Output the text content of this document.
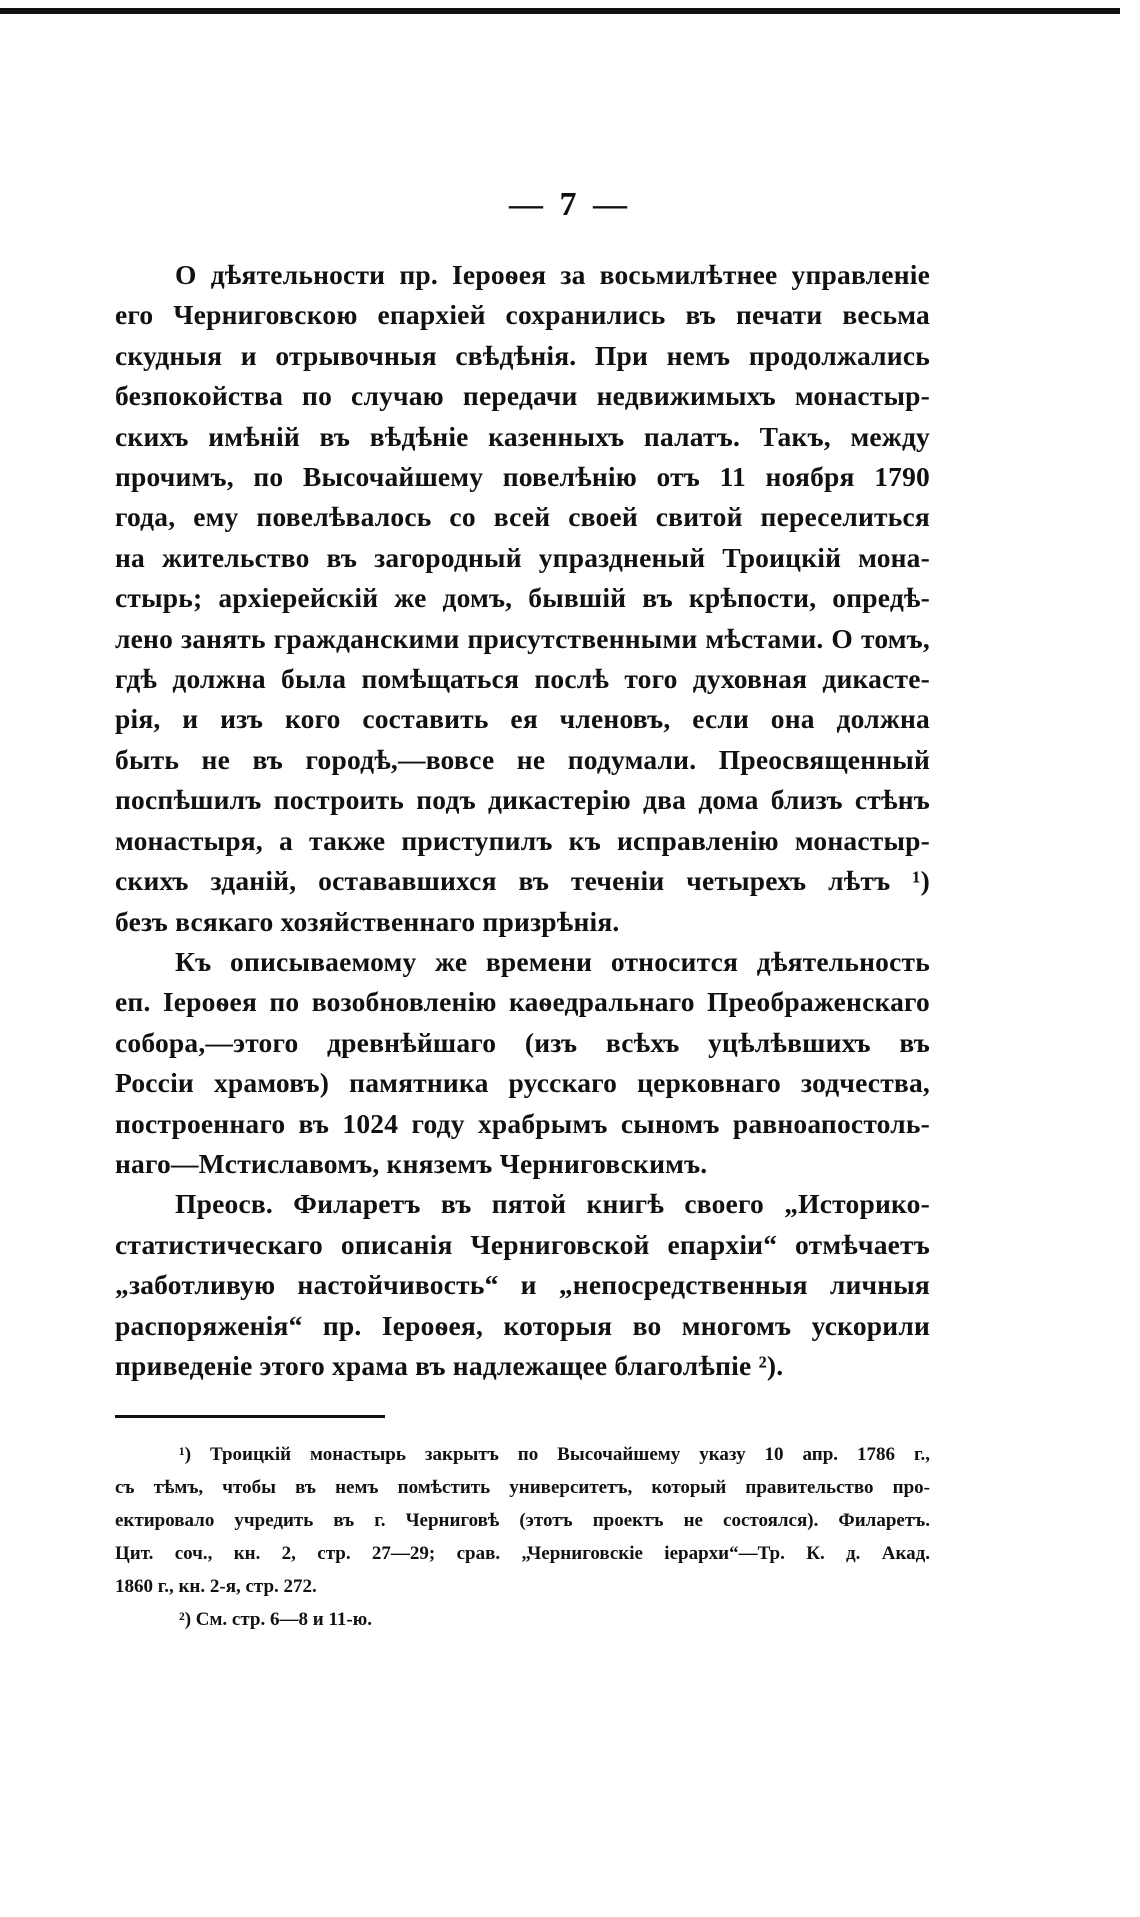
— 7 —

О дѣятельности пр. Іероѳея за восьмилѣтнее управленіе
его Черниговскою епархіей сохранились въ печати весьма
скудныя и отрывочныя свѣдѣнія. При немъ продолжались
безпокойства по случаю передачи недвижимыхъ монастыр-
скихъ имѣній въ вѣдѣніе казенныхъ палатъ. Такъ, между
прочимъ, по Высочайшему повелѣнію отъ 11 ноября 1790
года, ему повелѣвалось со всей своей свитой переселиться
на жительство въ загородный упраздненый Троицкій мона-
стырь; архіерейскій же домъ, бывшій въ крѣпости, опредѣ-
лено занять гражданскими присутственными мѣстами. О томъ,
гдѣ должна была помѣщаться послѣ того духовная дикасте-
рія, и изъ кого составить ея членовъ, если она должна
быть не въ городѣ,—вовсе не подумали. Преосвященный
поспѣшилъ построить подъ дикастерію два дома близъ стѣнъ
монастыря, а также приступилъ къ исправленію монастыр-
скихъ зданій, остававшихся въ теченіи четырехъ лѣтъ ¹)
безъ всякаго хозяйственнаго призрѣнія.

Къ описываемому же времени относится дѣятельность
еп. Іероѳея по возобновленію каѳедральнаго Преображенскаго
собора,—этого древнѣйшаго (изъ всѣхъ уцѣлѣвшихъ въ
Россіи храмовъ) памятника русскаго церковнаго зодчества,
построеннаго въ 1024 году храбрымъ сыномъ равноапостоль-
наго—Мстиславомъ, княземъ Черниговскимъ.

Преосв. Филаретъ въ пятой книгѣ своего „Историко-
статистическаго описанія Черниговской епархіи“ отмѣчаетъ
„заботливую настойчивость“ и „непосредственныя личныя
распоряженія“ пр. Іероѳея, которыя во многомъ ускорили
приведеніе этого храма въ надлежащее благолѣпіе ²).

¹) Троицкій монастырь закрытъ по Высочайшему указу 10 апр. 1786 г.,
съ тѣмъ, чтобы въ немъ помѣстить университетъ, который правительство про-
ектировало учредить въ г. Черниговѣ (этотъ проектъ не состоялся). Филаретъ.
Цит. соч., кн. 2, стр. 27—29; срав. „Черниговскіе іерархи“—Тр. К. д. Акад.
1860 г., кн. 2-я, стр. 272.

²) См. стр. 6—8 и 11-ю.
